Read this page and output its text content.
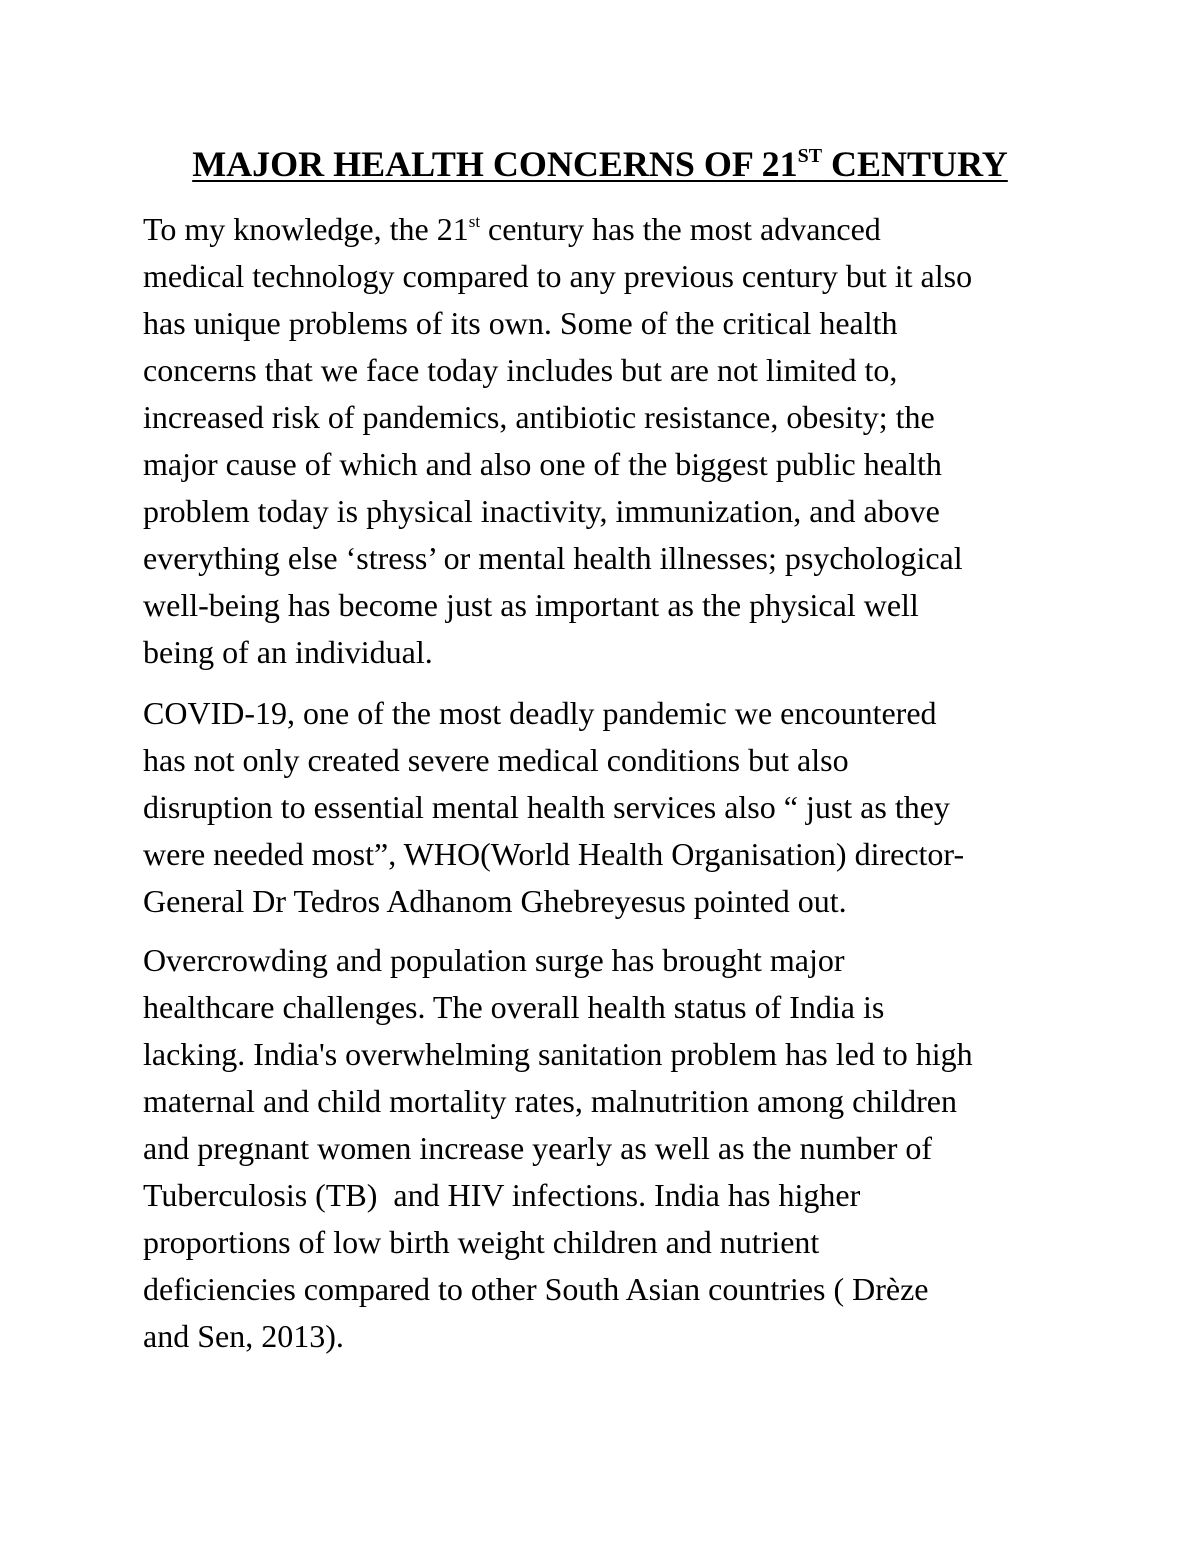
MAJOR HEALTH CONCERNS OF 21ST CENTURY

To my knowledge, the 21st century has the most advanced
medical technology compared to any previous century but it also
has unique problems of its own. Some of the critical health
concerns that we face today includes but are not limited to,
increased risk of pandemics, antibiotic resistance, obesity; the
major cause of which and also one of the biggest public health
problem today is physical inactivity, immunization, and above
everything else ‘stress’ or mental health illnesses; psychological
well-being has become just as important as the physical well
being of an individual.

COVID-19, one of the most deadly pandemic we encountered
has not only created severe medical conditions but also
disruption to essential mental health services also “ just as they
were needed most”, WHO(World Health Organisation) director-
General Dr Tedros Adhanom Ghebreyesus pointed out.

Overcrowding and population surge has brought major
healthcare challenges. The overall health status of India is
lacking. India's overwhelming sanitation problem has led to high
maternal and child mortality rates, malnutrition among children
and pregnant women increase yearly as well as the number of
Tuberculosis (TB)  and HIV infections. India has higher
proportions of low birth weight children and nutrient
deficiencies compared to other South Asian countries ( Drèze
and Sen, 2013).
